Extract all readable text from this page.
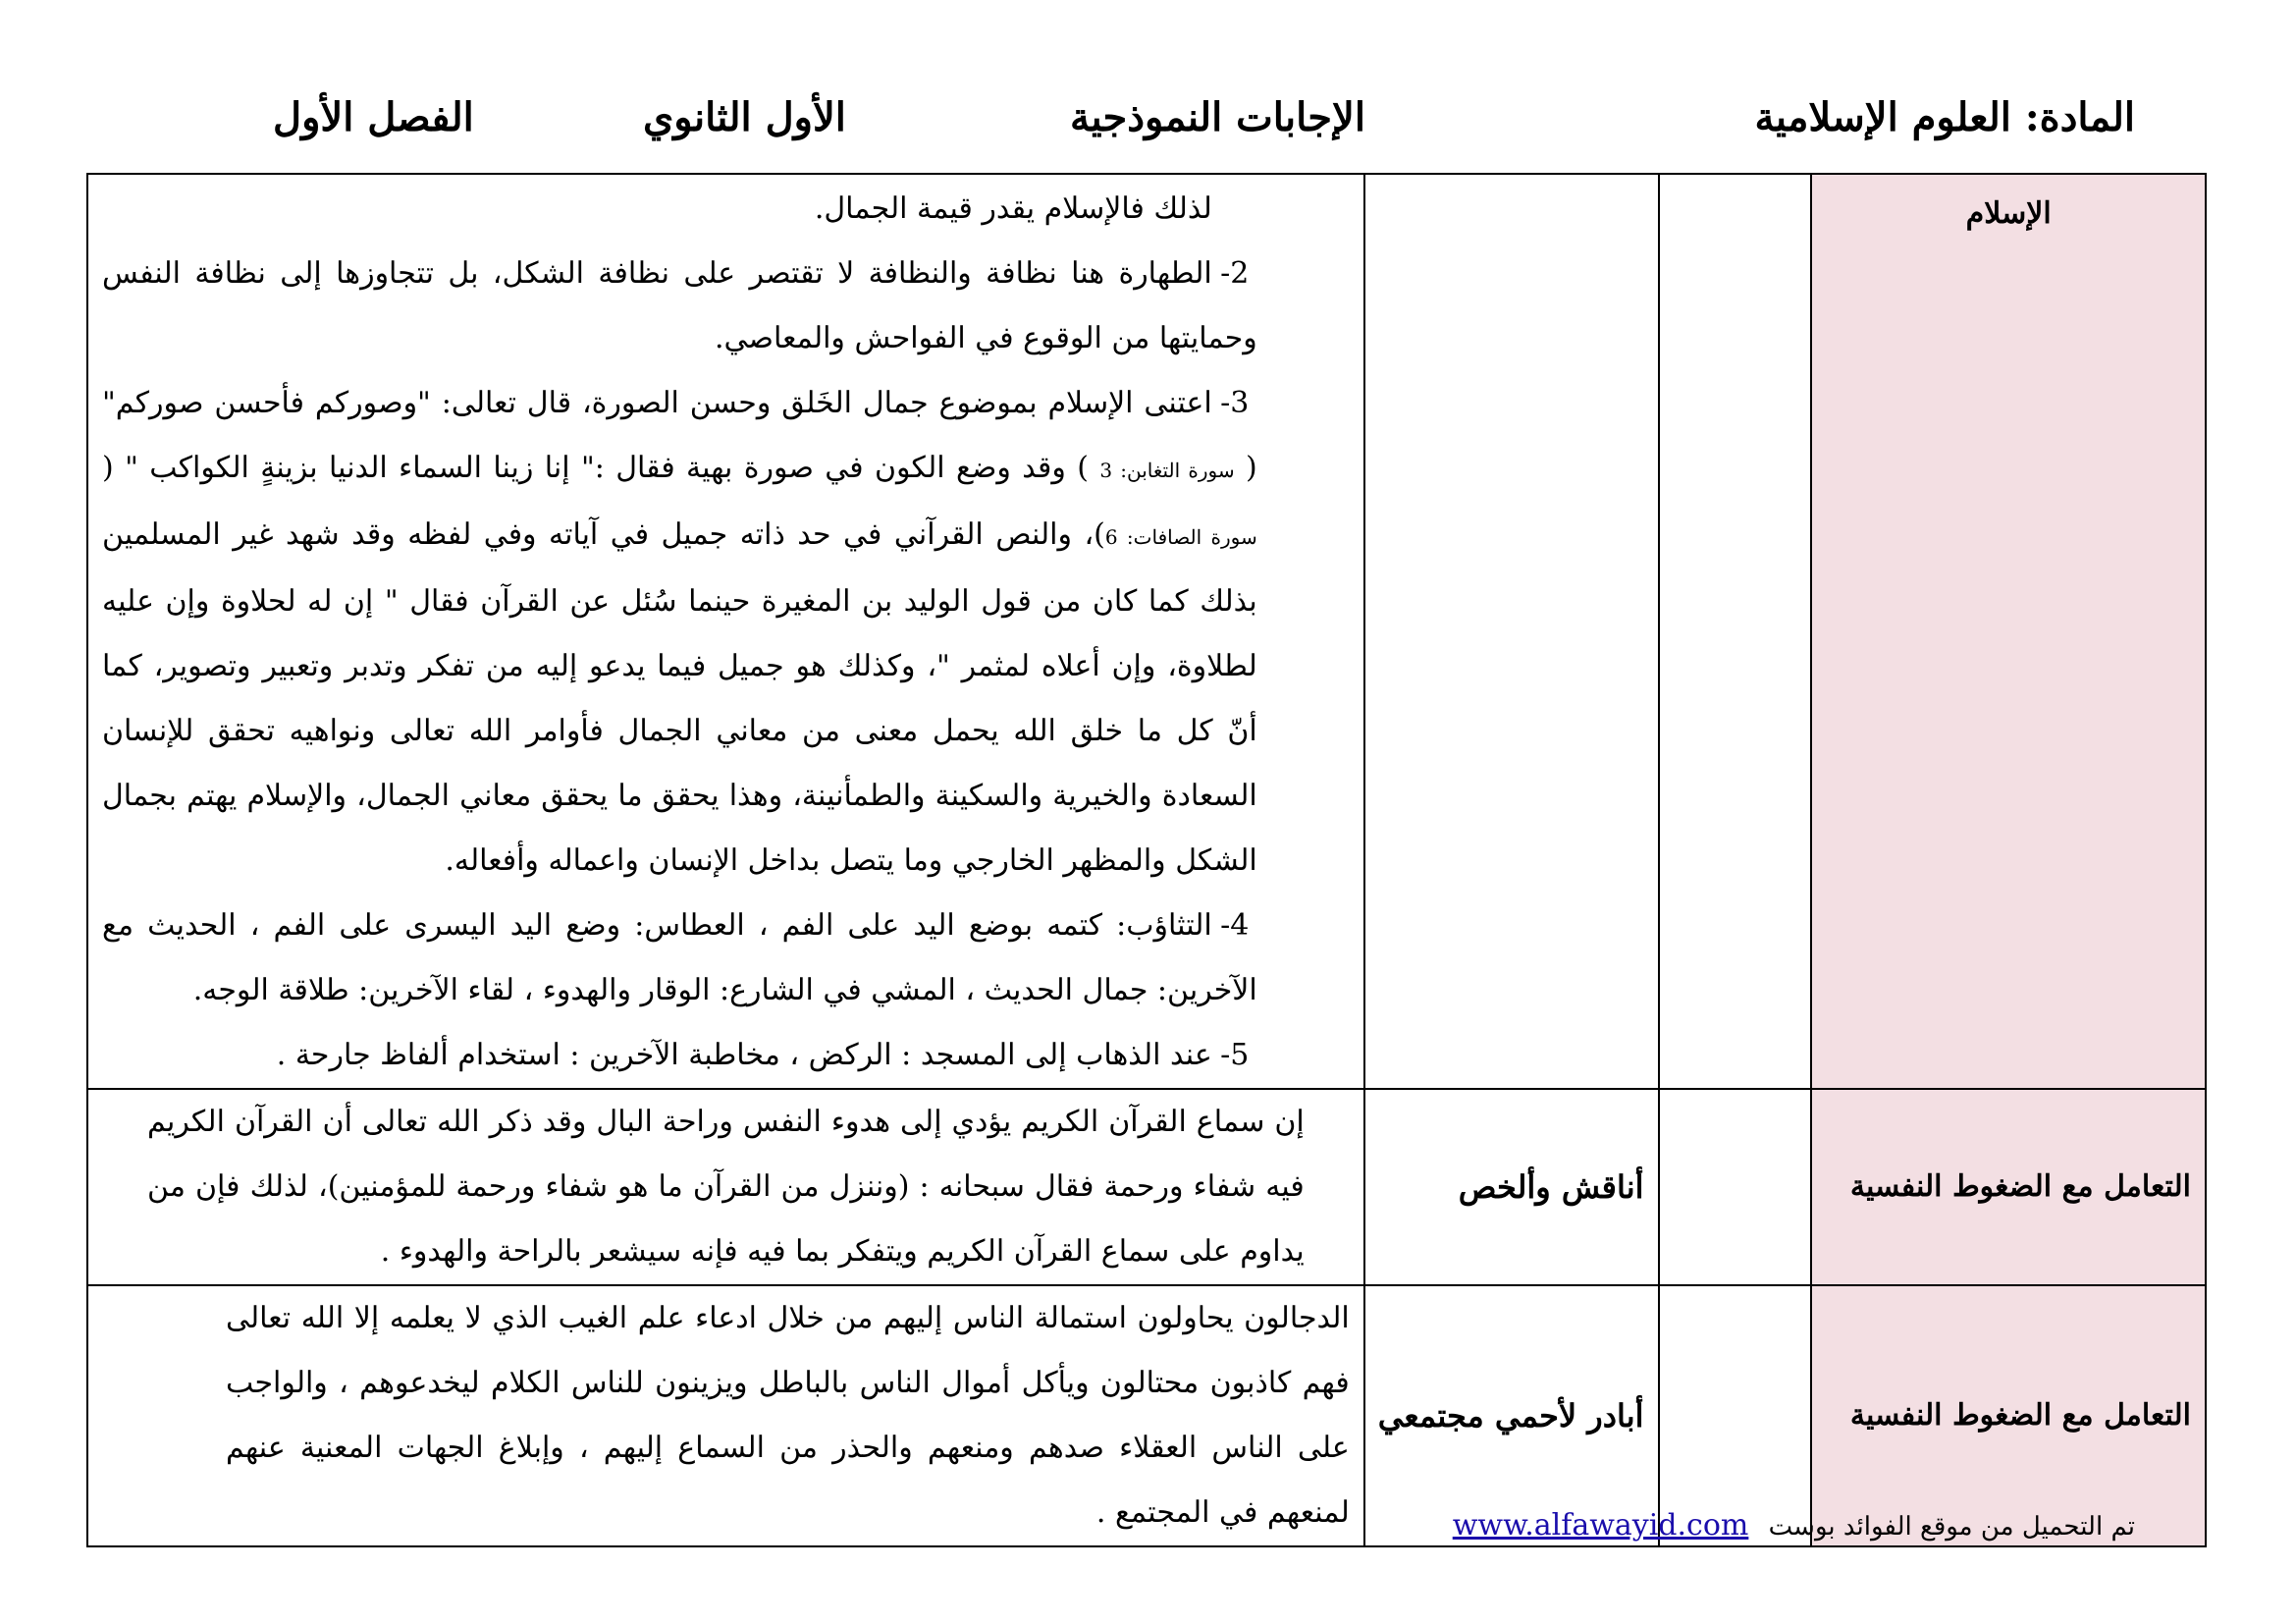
المادة: العلوم الإسلامية
الإجابات النموذجية
الأول الثانوي
الفصل الأول

لذلك فالإسلام يقدر قيمة الجمال.

2-الطهارة هنا نظافة والنظافة لا تقتصر على نظافة الشكل، بل تتجاوزها إلى نظافة النفس وحمايتها من الوقوع في الفواحش والمعاصي.

3-اعتنى الإسلام بموضوع جمال الخَلق وحسن الصورة، قال تعالى: "وصوركم فأحسن صوركم" ( سورة التغابن: 3 ) وقد وضع الكون في صورة بهية فقال :" إنا زينا السماء الدنيا بزينةٍ الكواكب " ( سورة الصافات: 6)، والنص القرآني في حد ذاته جميل في آياته وفي لفظه وقد شهد غير المسلمين بذلك كما كان من قول الوليد بن المغيرة حينما سُئل عن القرآن فقال " إن له لحلاوة وإن عليه لطلاوة، وإن أعلاه لمثمر "، وكذلك هو جميل فيما يدعو إليه من تفكر وتدبر وتعبير وتصوير، كما أنّ كل ما خلق الله يحمل معنى من معاني الجمال فأوامر الله تعالى ونواهيه تحقق للإنسان السعادة والخيرية والسكينة والطمأنينة، وهذا يحقق ما يحقق معاني الجمال، والإسلام يهتم بجمال الشكل والمظهر الخارجي وما يتصل بداخل الإنسان واعماله وأفعاله.

4-التثاؤب: كتمه بوضع اليد على الفم ، العطاس: وضع اليد اليسرى على الفم ، الحديث مع الآخرين: جمال الحديث ، المشي في الشارع: الوقار والهدوء ، لقاء الآخرين: طلاقة الوجه.

5-عند الذهاب إلى المسجد : الركض ، مخاطبة الآخرين : استخدام ألفاظ جارحة .			الإسلام

إن سماع القرآن الكريم يؤدي إلى هدوء النفس وراحة البال وقد ذكر الله تعالى أن القرآن الكريم فيه شفاء ورحمة فقال سبحانه : (وننزل من القرآن ما هو شفاء ورحمة للمؤمنين)، لذلك فإن من يداوم على سماع القرآن الكريم ويتفكر بما فيه فإنه سيشعر بالراحة والهدوء .	أناقش وألخص		التعامل مع الضغوط النفسية

الدجالون يحاولون استمالة الناس إليهم من خلال ادعاء علم الغيب الذي لا يعلمه إلا الله تعالى فهم كاذبون محتالون ويأكل أموال الناس بالباطل ويزينون للناس الكلام ليخدعوهم ، والواجب على الناس العقلاء صدهم ومنعهم والحذر من السماع إليهم ، وإبلاغ الجهات المعنية عنهم لمنعهم في المجتمع .	أبادر لأحمي مجتمعي		التعامل مع الضغوط النفسية
تم التحميل من موقع الفوائد بوست www.alfawayid.com
